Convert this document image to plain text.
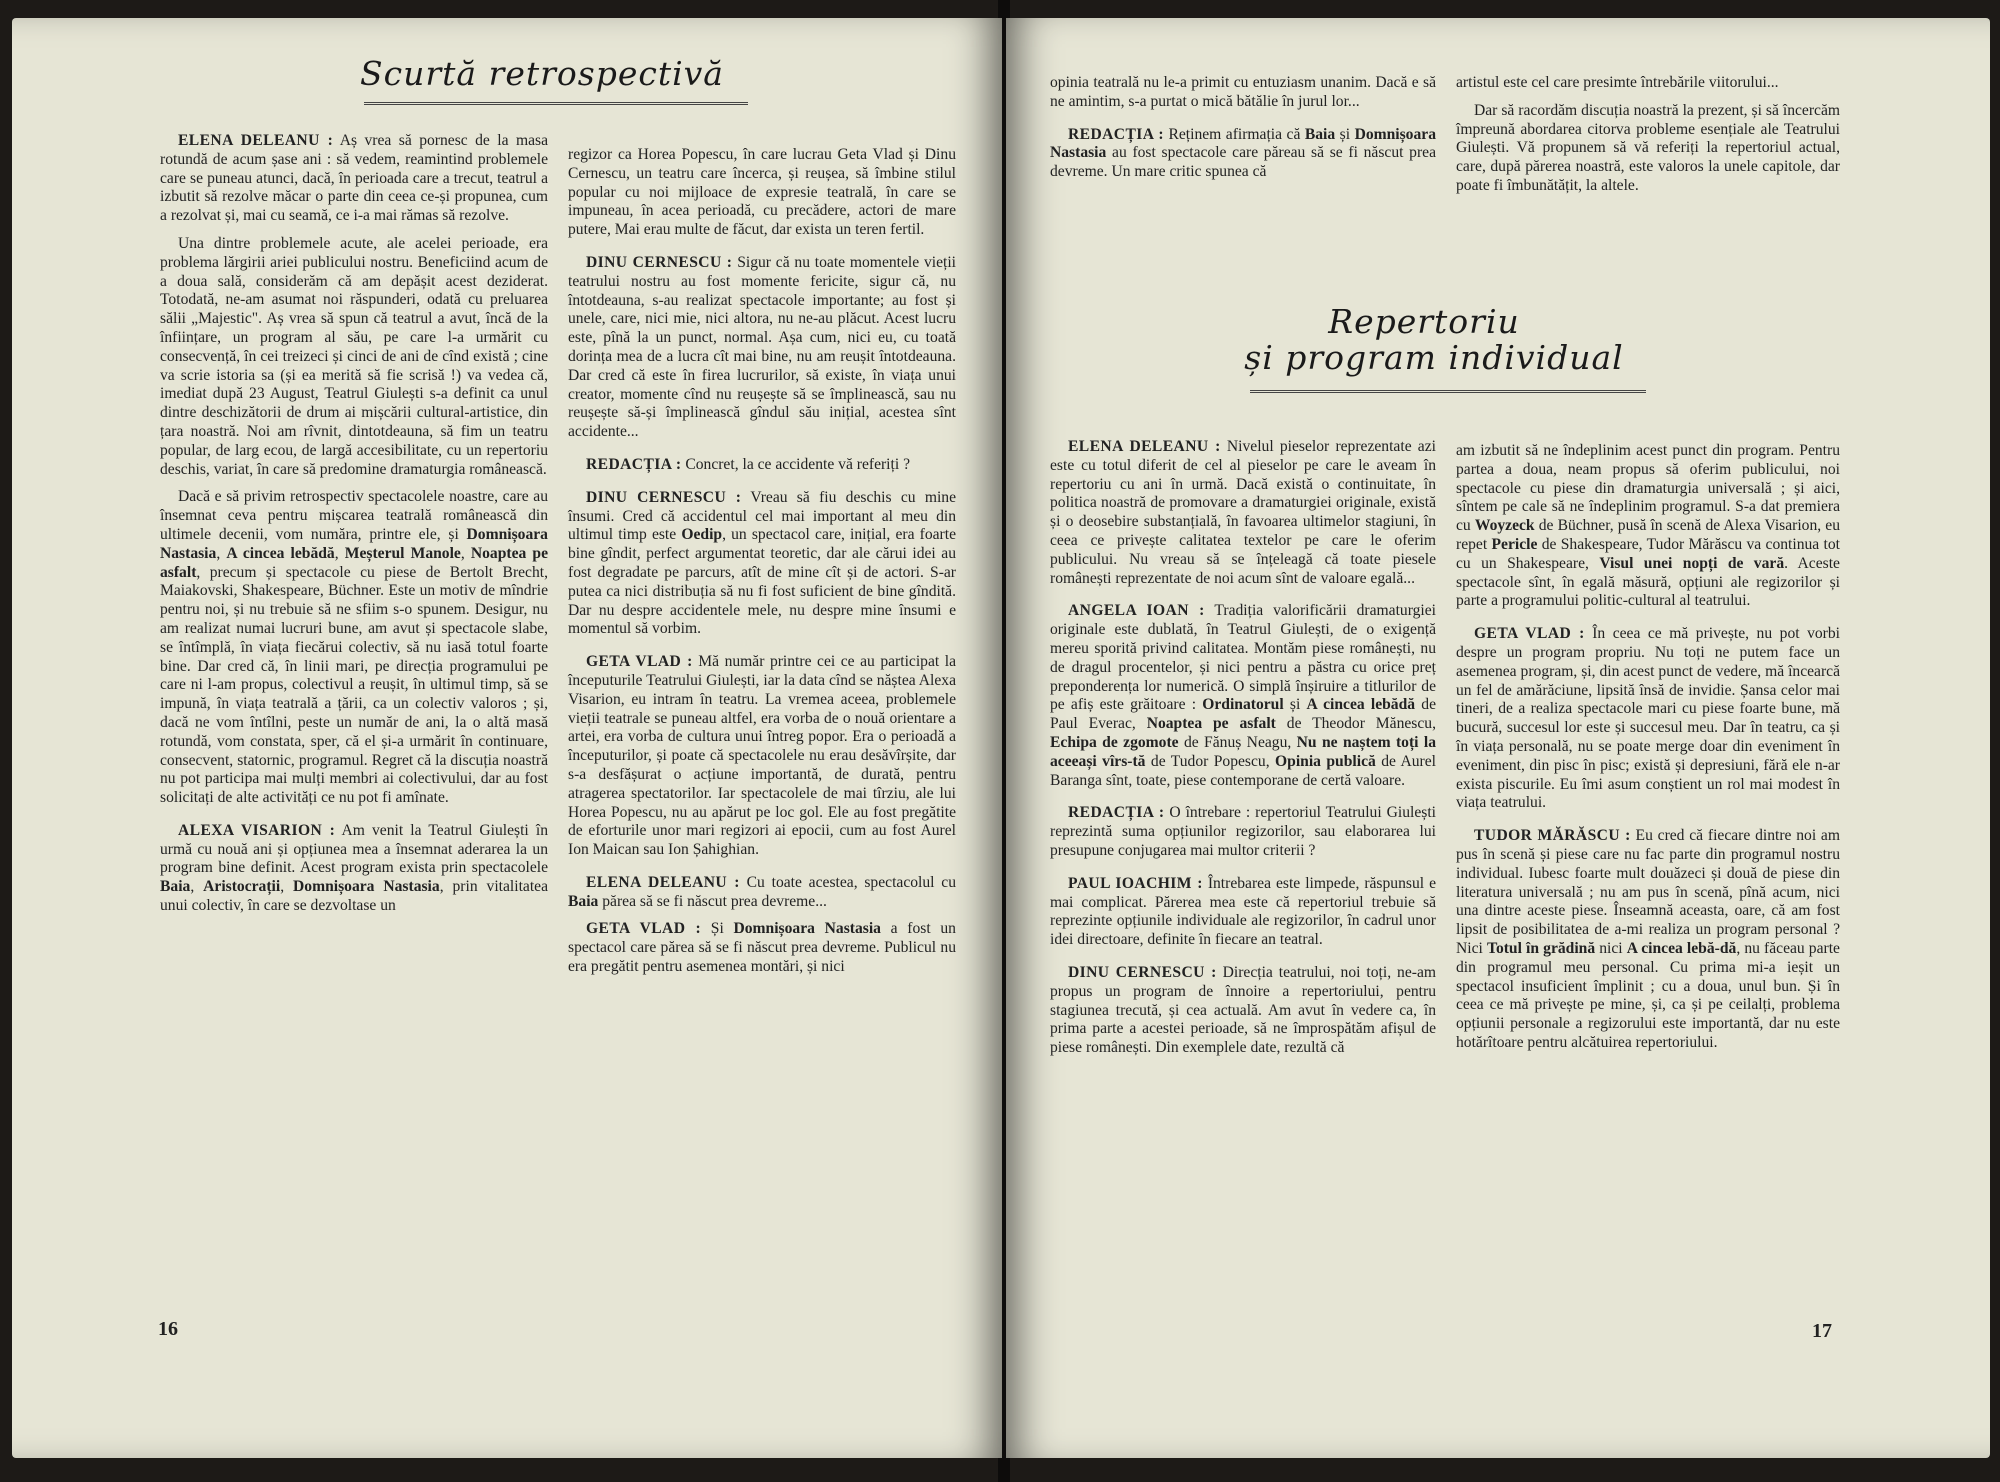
Scurtă retrospectivă

ELENA DELEANU : Aș vrea să pornesc de la masa rotundă de acum șase ani : să vedem, reamintind problemele care se puneau atunci, dacă, în perioada care a trecut, teatrul a izbutit să rezolve măcar o parte din ceea ce-și propunea, cum a rezolvat și, mai cu seamă, ce i-a mai rămas să rezolve.

Una dintre problemele acute, ale acelei perioade, era problema lărgirii ariei publicului nostru. Beneficiind acum de a doua sală, considerăm că am depășit acest deziderat. Totodată, ne-am asumat noi răspunderi, odată cu preluarea sălii „Majestic". Aș vrea să spun că teatrul a avut, încă de la înființare, un program al său, pe care l-a urmărit cu consecvență, în cei treizeci și cinci de ani de cînd există ; cine va scrie istoria sa (și ea merită să fie scrisă !) va vedea că, imediat după 23 August, Teatrul Giulești s-a definit ca unul dintre deschizătorii de drum ai mișcării cultural-artistice, din țara noastră. Noi am rîvnit, dintotdeauna, să fim un teatru popular, de larg ecou, de largă accesibilitate, cu un repertoriu deschis, variat, în care să predomine dramaturgia românească.

Dacă e să privim retrospectiv spectacolele noastre, care au însemnat ceva pentru mișcarea teatrală românească din ultimele decenii, vom număra, printre ele, și Domnișoara Nastasia, A cincea lebădă, Meșterul Manole, Noaptea pe asfalt, precum și spectacole cu piese de Bertolt Brecht, Maiakovski, Shakespeare, Büchner. Este un motiv de mîndrie pentru noi, și nu trebuie să ne sfiim s-o spunem. Desigur, nu am realizat numai lucruri bune, am avut și spectacole slabe, se întîmplă, în viața fiecărui colectiv, să nu iasă totul foarte bine. Dar cred că, în linii mari, pe direcția programului pe care ni l-am propus, colectivul a reușit, în ultimul timp, să se impună, în viața teatrală a țării, ca un colectiv valoros ; și, dacă ne vom întîlni, peste un număr de ani, la o altă masă rotundă, vom constata, sper, că el și-a urmărit în continuare, consecvent, statornic, programul. Regret că la discuția noastră nu pot participa mai mulți membri ai colectivului, dar au fost solicitați de alte activități ce nu pot fi amînate.

ALEXA VISARION : Am venit la Teatrul Giulești în urmă cu nouă ani și opțiunea mea a însemnat aderarea la un program bine definit. Acest program exista prin spectacolele Baia, Aristocrații, Domnișoara Nastasia, prin vitalitatea unui colectiv, în care se dezvoltase un

regizor ca Horea Popescu, în care lucrau Geta Vlad și Dinu Cernescu, un teatru care încerca, și reușea, să îmbine stilul popular cu noi mijloace de expresie teatrală, în care se impuneau, în acea perioadă, cu precădere, actori de mare putere, Mai erau multe de făcut, dar exista un teren fertil.

DINU CERNESCU : Sigur că nu toate momentele vieții teatrului nostru au fost momente fericite, sigur că, nu întotdeauna, s-au realizat spectacole importante; au fost și unele, care, nici mie, nici altora, nu ne-au plăcut. Acest lucru este, pînă la un punct, normal. Așa cum, nici eu, cu toată dorința mea de a lucra cît mai bine, nu am reușit întotdeauna. Dar cred că este în firea lucrurilor, să existe, în viața unui creator, momente cînd nu reușește să se împlinească, sau nu reușește să-și împlinească gîndul său inițial, acestea sînt accidente...

REDACȚIA : Concret, la ce accidente vă referiți ?

DINU CERNESCU : Vreau să fiu deschis cu mine însumi. Cred că accidentul cel mai important al meu din ultimul timp este Oedip, un spectacol care, inițial, era foarte bine gîndit, perfect argumentat teoretic, dar ale cărui idei au fost degradate pe parcurs, atît de mine cît și de actori. S-ar putea ca nici distribuția să nu fi fost suficient de bine gîndită. Dar nu despre accidentele mele, nu despre mine însumi e momentul să vorbim.

GETA VLAD : Mă număr printre cei ce au participat la începuturile Teatrului Giulești, iar la data cînd se năștea Alexa Visarion, eu intram în teatru. La vremea aceea, problemele vieții teatrale se puneau altfel, era vorba de o nouă orientare a artei, era vorba de cultura unui întreg popor. Era o perioadă a începuturilor, și poate că spectacolele nu erau desăvîrșite, dar s-a desfășurat o acțiune importantă, de durată, pentru atragerea spectatorilor. Iar spectacolele de mai tîrziu, ale lui Horea Popescu, nu au apărut pe loc gol. Ele au fost pregătite de eforturile unor mari regizori ai epocii, cum au fost Aurel Ion Maican sau Ion Șahighian.

ELENA DELEANU : Cu toate acestea, spectacolul cu Baia părea să se fi născut prea devreme...

GETA VLAD : Și Domnișoara Nastasia a fost un spectacol care părea să se fi născut prea devreme. Publicul nu era pregătit pentru asemenea montări, și nici

16

opinia teatrală nu le-a primit cu entuziasm unanim. Dacă e să ne amintim, s-a purtat o mică bătălie în jurul lor...

REDACȚIA : Reținem afirmația că Baia și Domnișoara Nastasia au fost spectacole care păreau să se fi născut prea devreme. Un mare critic spunea că

artistul este cel care presimte întrebările viitorului...

Dar să racordăm discuția noastră la prezent, și să încercăm împreună abordarea citorva probleme esențiale ale Teatrului Giulești. Vă propunem să vă referiți la repertoriul actual, care, după părerea noastră, este valoros la unele capitole, dar poate fi îmbunătățit, la altele.

Repertoriu
și program individual

ELENA DELEANU : Nivelul pieselor reprezentate azi este cu totul diferit de cel al pieselor pe care le aveam în repertoriu cu ani în urmă. Dacă există o continuitate, în politica noastră de promovare a dramaturgiei originale, există și o deosebire substanțială, în favoarea ultimelor stagiuni, în ceea ce privește calitatea textelor pe care le oferim publicului. Nu vreau să se înțeleagă că toate piesele românești reprezentate de noi acum sînt de valoare egală...

ANGELA IOAN : Tradiția valorificării dramaturgiei originale este dublată, în Teatrul Giulești, de o exigență mereu sporită privind calitatea. Montăm piese românești, nu de dragul procentelor, și nici pentru a păstra cu orice preț preponderența lor numerică. O simplă înșiruire a titlurilor de pe afiș este grăitoare : Ordinatorul și A cincea lebădă de Paul Everac, Noaptea pe asfalt de Theodor Mănescu, Echipa de zgomote de Fănuș Neagu, Nu ne naștem toți la aceeași vîrs-tă de Tudor Popescu, Opinia publică de Aurel Baranga sînt, toate, piese contemporane de certă valoare.

REDACȚIA : O întrebare : repertoriul Teatrului Giulești reprezintă suma opțiunilor regizorilor, sau elaborarea lui presupune conjugarea mai multor criterii ?

PAUL IOACHIM : Întrebarea este limpede, răspunsul e mai complicat. Părerea mea este că repertoriul trebuie să reprezinte opțiunile individuale ale regizorilor, în cadrul unor idei directoare, definite în fiecare an teatral.

DINU CERNESCU : Direcția teatrului, noi toți, ne-am propus un program de înnoire a repertoriului, pentru stagiunea trecută, și cea actuală. Am avut în vedere ca, în prima parte a acestei perioade, să ne împrospătăm afișul de piese românești. Din exemplele date, rezultă că

am izbutit să ne îndeplinim acest punct din program. Pentru partea a doua, neam propus să oferim publicului, noi spectacole cu piese din dramaturgia universală ; și aici, sîntem pe cale să ne îndeplinim programul. S-a dat premiera cu Woyzeck de Büchner, pusă în scenă de Alexa Visarion, eu repet Pericle de Shakespeare, Tudor Mărăscu va continua tot cu un Shakespeare, Visul unei nopți de vară. Aceste spectacole sînt, în egală măsură, opțiuni ale regizorilor și parte a programului politic-cultural al teatrului.

GETA VLAD : În ceea ce mă privește, nu pot vorbi despre un program propriu. Nu toți ne putem face un asemenea program, și, din acest punct de vedere, mă încearcă un fel de amărăciune, lipsită însă de invidie. Șansa celor mai tineri, de a realiza spectacole mari cu piese foarte bune, mă bucură, succesul lor este și succesul meu. Dar în teatru, ca și în viața personală, nu se poate merge doar din eveniment în eveniment, din pisc în pisc; există și depresiuni, fără ele n-ar exista piscurile. Eu îmi asum conștient un rol mai modest în viața teatrului.

TUDOR MĂRĂSCU : Eu cred că fiecare dintre noi am pus în scenă și piese care nu fac parte din programul nostru individual. Iubesc foarte mult douăzeci și două de piese din literatura universală ; nu am pus în scenă, pînă acum, nici una dintre aceste piese. Înseamnă aceasta, oare, că am fost lipsit de posibilitatea de a-mi realiza un program personal ? Nici Totul în grădină nici A cincea lebă-dă, nu făceau parte din programul meu personal. Cu prima mi-a ieșit un spectacol insuficient împlinit ; cu a doua, unul bun. Și în ceea ce mă privește pe mine, și, ca și pe ceilalți, problema opțiunii personale a regizorului este importantă, dar nu este hotărîtoare pentru alcătuirea repertoriului.

17
